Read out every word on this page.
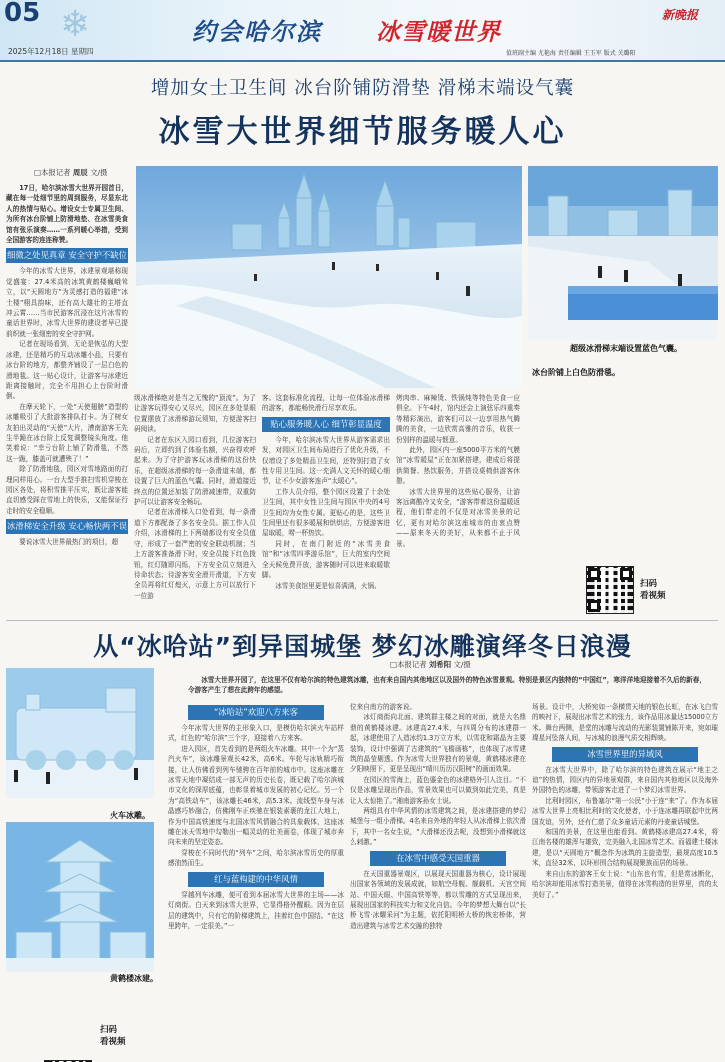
05 ❄	约会哈尔滨 冰雪暖世界
新晚报
2025年12月18日 星期四	值班副主编 尤艳海 责任编辑 王玉军 版式 关璐阳
增加女士卫生间 冰台阶铺防滑垫 滑梯末端设气囊
冰雪大世界细节服务暖人心
□本报记者 周辰 文/摄

17日，哈尔滨冰雪大世界开园首日，藏在每一处细节里的周到服务，尽显东北人的热情与贴心。增设女士专属卫生间、为所有冰台阶铺上防滑地垫、在冰雪美食馆有张乐演奏……一系列暖心举措，受到全国游客的连连称赞。

细微之处见真章 安全守护不缺位

今年的冰雪大世界，冰建景观堪称现觉盛宴：27.4米高的冰筑黄鹤楼巍峨耸立，以“天圆地方”为灵感打造的福建“冰土楼”栩具韵味，还有高大雄壮的主塔直冲云霄……当市民游客沉浸在这片冰雪的童话世界时，冰雪大世界的建设者早已提前织就一张细密的安全守护网。

记者在现场看到，无论是恢弘的大型冰建，还是精巧的互动冰雕小品，只要有冰台阶的地方，都整齐铺设了一层白色的滑地毯。这一贴心设计，让游客与冰建近距离接触时，完全不用担心上台阶时滑倒。

在摩天轮下，一处“天使翅膀”造型的冰雕吸引了大批游客排队打卡。为了树女友拍出灵动的“天使”大片，漕南游客王先生半跪在冰台阶上反复调整镜头角度。他笑着说：“幸亏台阶上铺了防滑毯，不然这一跪，膝盖可就遭殃了！”

除了防滑地毯，园区对雪地路面的打理同样用心。一台大型手推扫雪机穿梭在园区各处，将积雪推平压实，既让游客能直切感受踩在雪地上的快乐，又能保证行走时的安全稳顺。

冰滑梯安全升级 安心畅快两不误

要说冰雪大世界最热门的项目，超

超级冰滑梯末端设置蓝色气囊。
冰台阶铺上白色防滑毯。

级冰滑梯绝对是当之无愧的“顶流”。为了让游客玩得安心又尽兴，园区在多处显眼位置摆放了冰滑梯游玩须知，方便游客扫码阅读。

记者在东区入园口看到，几位游客扫码后，立即约到了体验名额，兴奋得欢呼起来。为了守护游客玩冰滑梯的这份快乐，在超级冰滑梯的每一条滑道末端，都设置了巨大的蓝色气囊。同时，滑道接近终点的位置还加装了防滑减速带，双重防护可以让游客安全畅玩。

记者在冰滑梯入口处看到，每一条滑道下方都配备了多名安全员。据工作人员介绍，冰滑梯的上下两端都设有安全员值守，形成了一套严密的安全联动机制；当上方游客准备滑下时，安全员接下红色拨钮，红灯随即闪烁，下方安全员立刻进入待命状态；待游客安全滑开滑道，下方安全员再将红灯熄灭，示意上方可以放行下一位游

客。这套标准化流程，让每一位体验冰滑梯的游客，都能畅快滑行尽享欢乐。

贴心服务暖人心 细节彰显温度

今年，哈尔滨冰雪大世界从游客需求出发，对园区卫生间布局进行了优化升级，不仅增设了多处精品卫生间，还特别打造了女性专用卫生间。这一充满人文关怀的暖心细节，让不少女游客连声“太暖心”。

工作人员介绍，整个园区设置了十余处卫生间，其中女性卫生间与园区中央的4号卫生间均为女性专属。更贴心的是，这些卫生间里还有很多暖展和烘烘店，方便游客进屋取暖，唠一杯热饮。

同时，在南门附近的“冰雪美食馆”和“冰雪四季游乐馆”，巨大的室内空间全天候免费开放，游客随时可以进来取暖歇脚。

冰雪美食馆里更是惊喜满满，火锅、

烤肉串、麻辣烫、铁锅炖等特色美食一应俱全。下午4时，馆内还会上演弦乐四重奏等精彩演出，游客们可以一边享用热气腾腾的美食，一边欣赏高雅的音乐，收获一份别样的温暖与惬意。

此外，园区内一座5000平方米的气膜馆“冰雪暖屋”正在加紧搭建，建成后将提供简餐、热饮服务，并搭设桌椅供游客休憩。

冰雪大世界里的这些贴心服务，让游客远离酷冷又安全，“游客带着这份温暖返程，他们带走的不仅是对冰雪美景的记忆，更有对哈尔滨这座城市的由衷点赞——原来冬天的美好，从来都不止于风景。

扫码
看视频
从“冰哈站”到异国城堡 梦幻冰雕演绎冬日浪漫
□本报记者 刘希阳 文/摄
冰雪大世界开园了，在这里不仅有哈尔滨的特色建筑冰雕，也有来自国内其他地区以及国外的特色冰雪景观。特别是景区内独特的“中国红”，寒洋洋地迎接着不久后的新春，令游客产生了想在此跨年的感望。
火车冰雕。
黄鹤楼冰建。
扫码
看视频
“冰哈站”欢迎八方来客

今年冰雪大世界的主形象入口，是模仿哈尔滨火车站样式，红色的“哈尔滨”三个字，迎接着八方来客。

进入园区，首先看到的是两组火车冰雕。其中一个为“蒸汽火车”，该冰雕景观长42米，高6米。车轮与冰轨精巧衔接，让人仿佛看到列车驰骋在百年前的城市中。这座冰雕在冰雪天地中凝结成一部无声的历史长卷，既记载了哈尔滨城市文化的深厚底蕴，也彰显着城市发展的初心记忆。另一个为“高铁动车”，该冰雕长46米，高5.3米。流线型车身与冰晶感巧妙融合，仿佛刚车正疾驰在银装素裹的龙江大地上，作为中国高铁速度与北国冰雪风情融合的具象载体，这座冰雕在冰天雪地中勾勒出一幅灵动的壮美画卷，体现了城市奔向未来的坚定姿态。

穿梭在不同时代的“列车”之间，哈尔滨冰雪历史的厚重感油然而生。

红与蓝构建的中华风情

穿越列车冰雕，便可看到本届冰雪大世界的主场——冰灯商街。白天来到冰雪大世界，它显得格外醒眼。因为在层层的建筑中，只有它的阶梯建筑上，挂着红色中国结。“在这里跨年，一定很美。”一

位来自南方的游客说。

冰灯商街向北面、建筑群主楼之间的对面，就是大名鼎鼎的黄鹤楼冰建。冰建高27.4米，与四周分布的冰建群一起，冰建使用了人造冰约1.3万立方米，以雪花和霜晶为主要装饰，设计中强调了古建筑的“飞檐画栋”，也体现了冰雪建筑的晶莹剔透。作为冰雪大世界独有的景观，黄鹤楼冰建在夕阳映照下，更是呈现出“晴川历历汉阳树”的画面效果。

在园区的雪海上，蓝色鎏金色的冰建格外引人注目。“不仅是冰雕呈现出作品，雪景效果也可以做到如此完美，真是让人太惊艳了。”湘南游客孙女士说。

两组具有中华风情的冰雪建筑之间，是冰建搭建的梦幻城堡与一组小滑梯。4名来自外地的年轻人从冰滑梯上依次滑下，其中一名女生说，“大滑梯还没去呢，没想到小滑梯就这么刺激。”

在冰雪中感受天国重器

在天国重器景观区，以展现天国重器为核心，设计展现出国家各领域的发展成就，如航空母舰、舰载机、天宫空间站、中国天眼、中国高铁等等，都以雪雕的方式呈现出来，展现出国家的科技实力和文化自信。今年的梦想大舞台以“长桥飞雪·冰耀采河”为主题，依托阳明桥大桥的恢宏桥体，营造出建筑与冰雪艺术交融的独特

场景。设计中，大桥宛如一条横贯天地的银色长虹，在冰飞白雪的映衬下，展现出冰雪艺术的张力，该作品用冰量达15000立方米。舞台两侧，是堂的冰雕与流动的光影装置铺陈开来，宛如璀璨星河坠落人间，与冰城的浪漫气质交相辉映。

冰雪世界里的异域风

在冰雪大世界中，除了哈尔滨的特色建筑在展示“地主之谊”的热情，园区内的异地景观群，来自国内其他地区以及海外外国特色的冰雕，带领游客走进了一个梦幻冰雪世界。

比利时园区，布鲁塞尔“第一公民”小于连“来”了。作为本届冰雪大世界上亮相比利时的文化使者，小于连冰雕再联起中比两国友谊，另外，还有仁慈了众多童话元素的丹麦童话城堡。

和国的美景，在这里也能看到。黄鹤楼冰建高27.4米，将江南名楼的雄浑与雄致，完美融入北国冰雪艺术。而福建土楼冰建，是以“天圆地方”概念作为冰筑的主旋造型，最规高度10.5米，直径32米，以环形围合结构展现聚族而居的场景。

来自山东的游客王女士说：“山东也有雪，但是赏冰断化，哈尔滨却能用冰雪打造美景，值得在冰雪构造的世界里，真的太美好了。”
